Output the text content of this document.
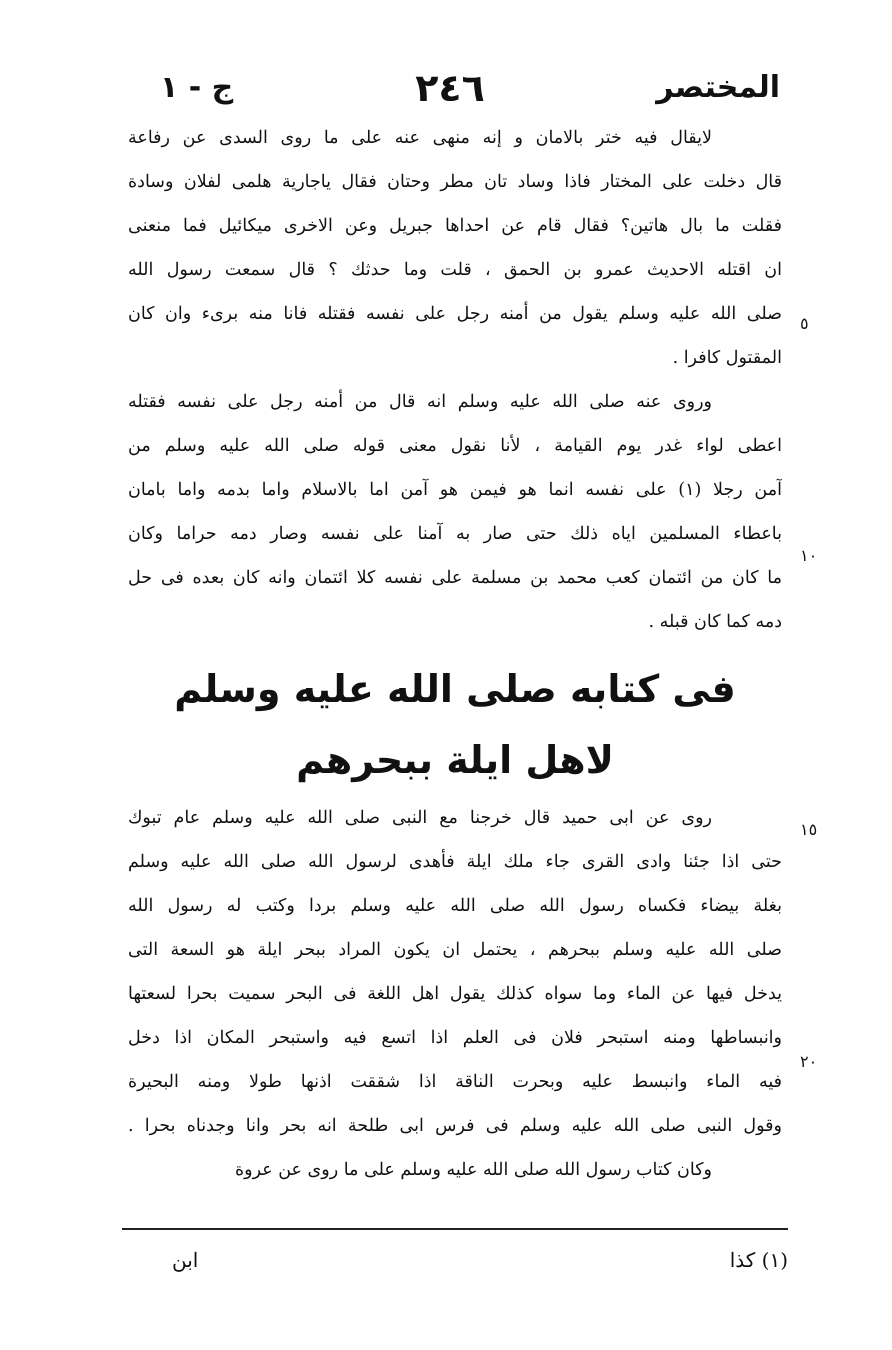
المختصر
٢٤٦
ج - ١
لايقال فيه ختر بالامان و إنه منهى عنه على ما روى السدى عن رفاعة
قال دخلت على المختار فاذا وساد تان مطر وحتان فقال ياجارية هلمى لفلان وسادة
فقلت ما بال هاتين؟ فقال قام عن احداها جبريل وعن الاخرى ميكائيل فما منعنى
ان اقتله الاحديث عمرو بن الحمق ، قلت وما حدثك ؟ قال سمعت رسول الله
صلى الله عليه وسلم يقول من أمنه رجل على نفسه فقتله فانا منه برىء وان كان
المقتول كافرا .
وروى عنه صلى الله عليه وسلم انه قال من أمنه رجل على نفسه فقتله
اعطى لواء غدر يوم القيامة ، لأنا نقول معنى قوله صلى الله عليه وسلم من
آمن رجلا (١) على نفسه انما هو فيمن هو آمن اما بالاسلام واما بدمه واما بامان
باعطاء المسلمين اياه ذلك حتى صار به آمنا على نفسه وصار دمه حراما وكان
ما كان من ائتمان كعب محمد بن مسلمة على نفسه كلا ائتمان وانه كان بعده فى حل
دمه كما كان قبله .
فى كتابه صلى الله عليه وسلم
لاهل ايلة ببحرهم
روى عن ابى حميد قال خرجنا مع النبى صلى الله عليه وسلم عام تبوك
حتى اذا جئنا وادى القرى جاء ملك ايلة فأهدى لرسول الله صلى الله عليه وسلم
بغلة بيضاء فكساه رسول الله صلى الله عليه وسلم بردا وكتب له رسول الله
صلى الله عليه وسلم ببحرهم ، يحتمل ان يكون المراد ببحر ايلة هو السعة التى
يدخل فيها عن الماء وما سواه كذلك يقول اهل اللغة فى البحر سميت بحرا لسعتها
وانبساطها ومنه استبحر فلان فى العلم اذا اتسع فيه واستبحر المكان اذا دخل
فيه الماء وانبسط عليه وبحرت الناقة اذا شققت اذنها طولا ومنه البحيرة
وقول النبى صلى الله عليه وسلم فى فرس ابى طلحة انه بحر وانا وجدناه بحرا .
وكان كتاب رسول الله صلى الله عليه وسلم على ما روى عن عروة
٥
١٠
١٥
٢٠
(١) كذا
ابن
